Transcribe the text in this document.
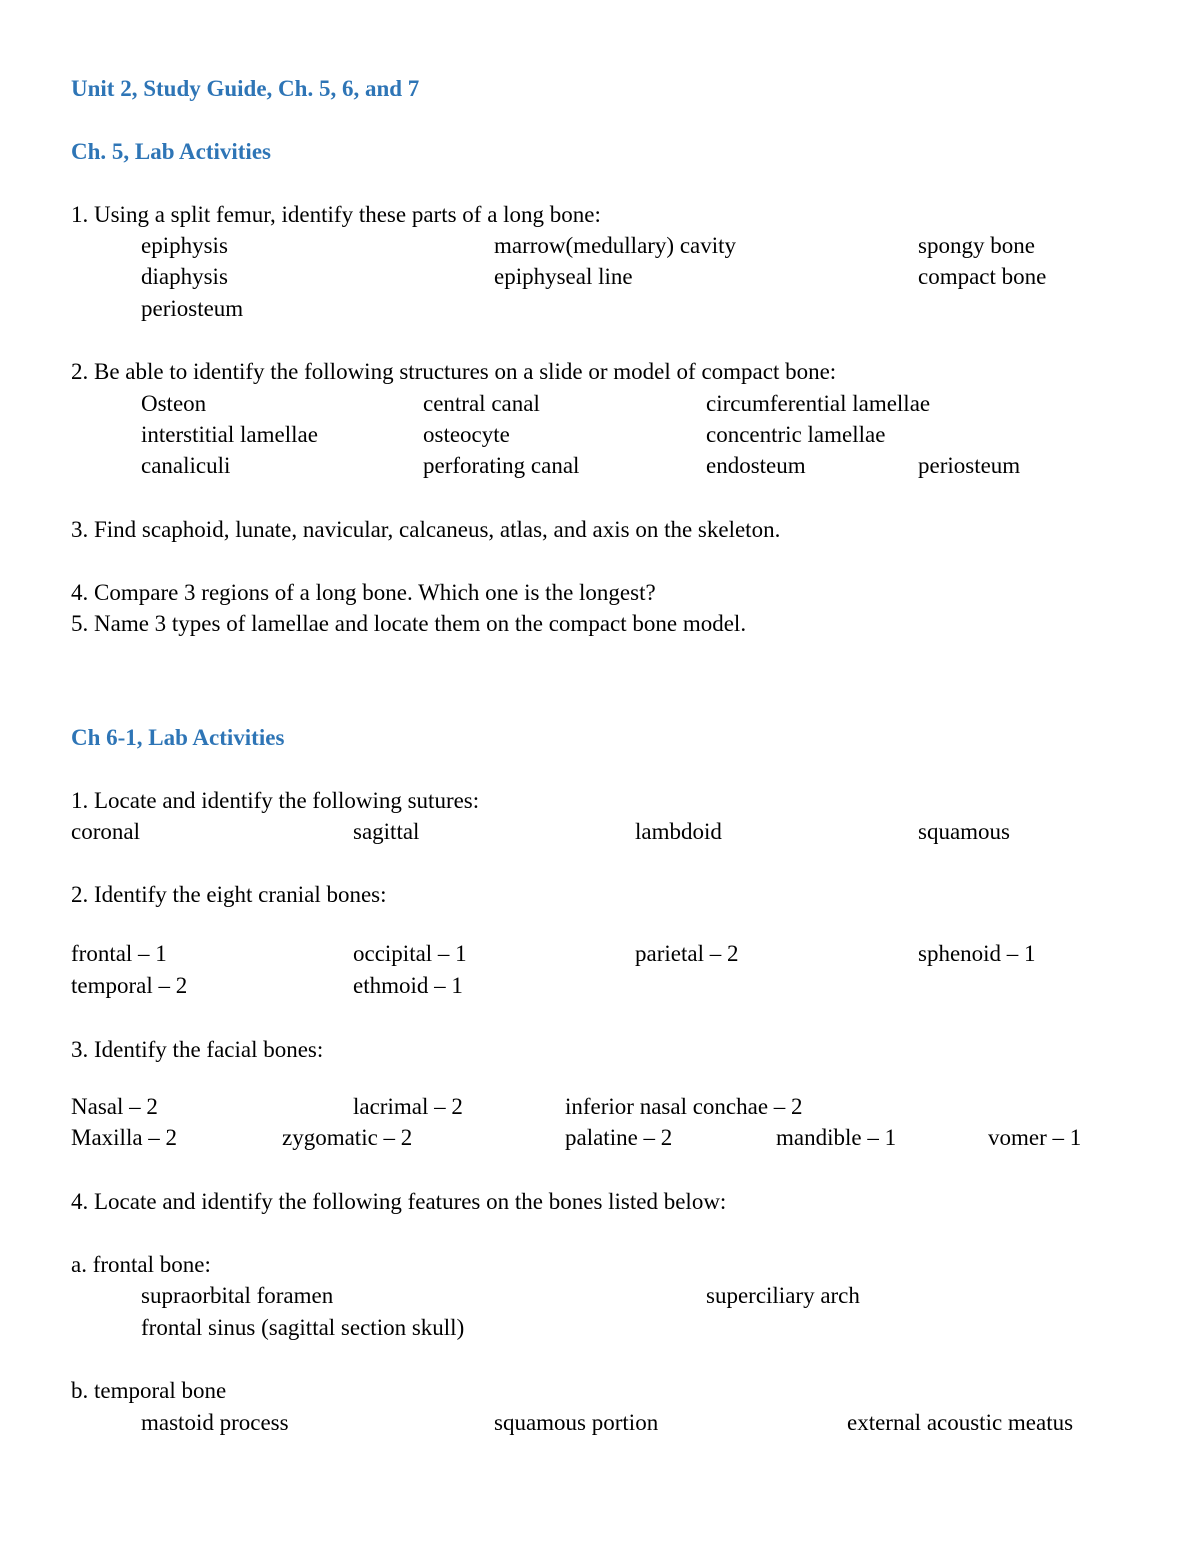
Unit 2, Study Guide, Ch. 5, 6, and 7
Ch. 5, Lab Activities
1. Using a split femur, identify these parts of a long bone:
epiphysis	marrow(medullary) cavity	spongy bone
diaphysis	epiphyseal line	compact bone
periosteum
2. Be able to identify the following structures on a slide or model of compact bone:
Osteon	central canal	circumferential lamellae
interstitial lamellae	osteocyte	concentric lamellae
canaliculi	perforating canal	endosteum	periosteum
3. Find scaphoid, lunate, navicular, calcaneus, atlas, and axis on the skeleton.
4. Compare 3 regions of a long bone. Which one is the longest?
5. Name 3 types of lamellae and locate them on the compact bone model.
Ch 6-1, Lab Activities
1. Locate and identify the following sutures:
coronal	sagittal	lambdoid	squamous
2. Identify the eight cranial bones:
frontal – 1	occipital – 1	parietal – 2	sphenoid – 1
temporal – 2	ethmoid – 1
3. Identify the facial bones:
Nasal – 2	lacrimal – 2	inferior nasal conchae – 2
Maxilla – 2	zygomatic – 2	palatine – 2	mandible – 1	vomer – 1
4. Locate and identify the following features on the bones listed below:
a. frontal bone:
supraorbital foramen	superciliary arch
frontal sinus (sagittal section skull)
b. temporal bone
mastoid process	squamous portion	external acoustic meatus
